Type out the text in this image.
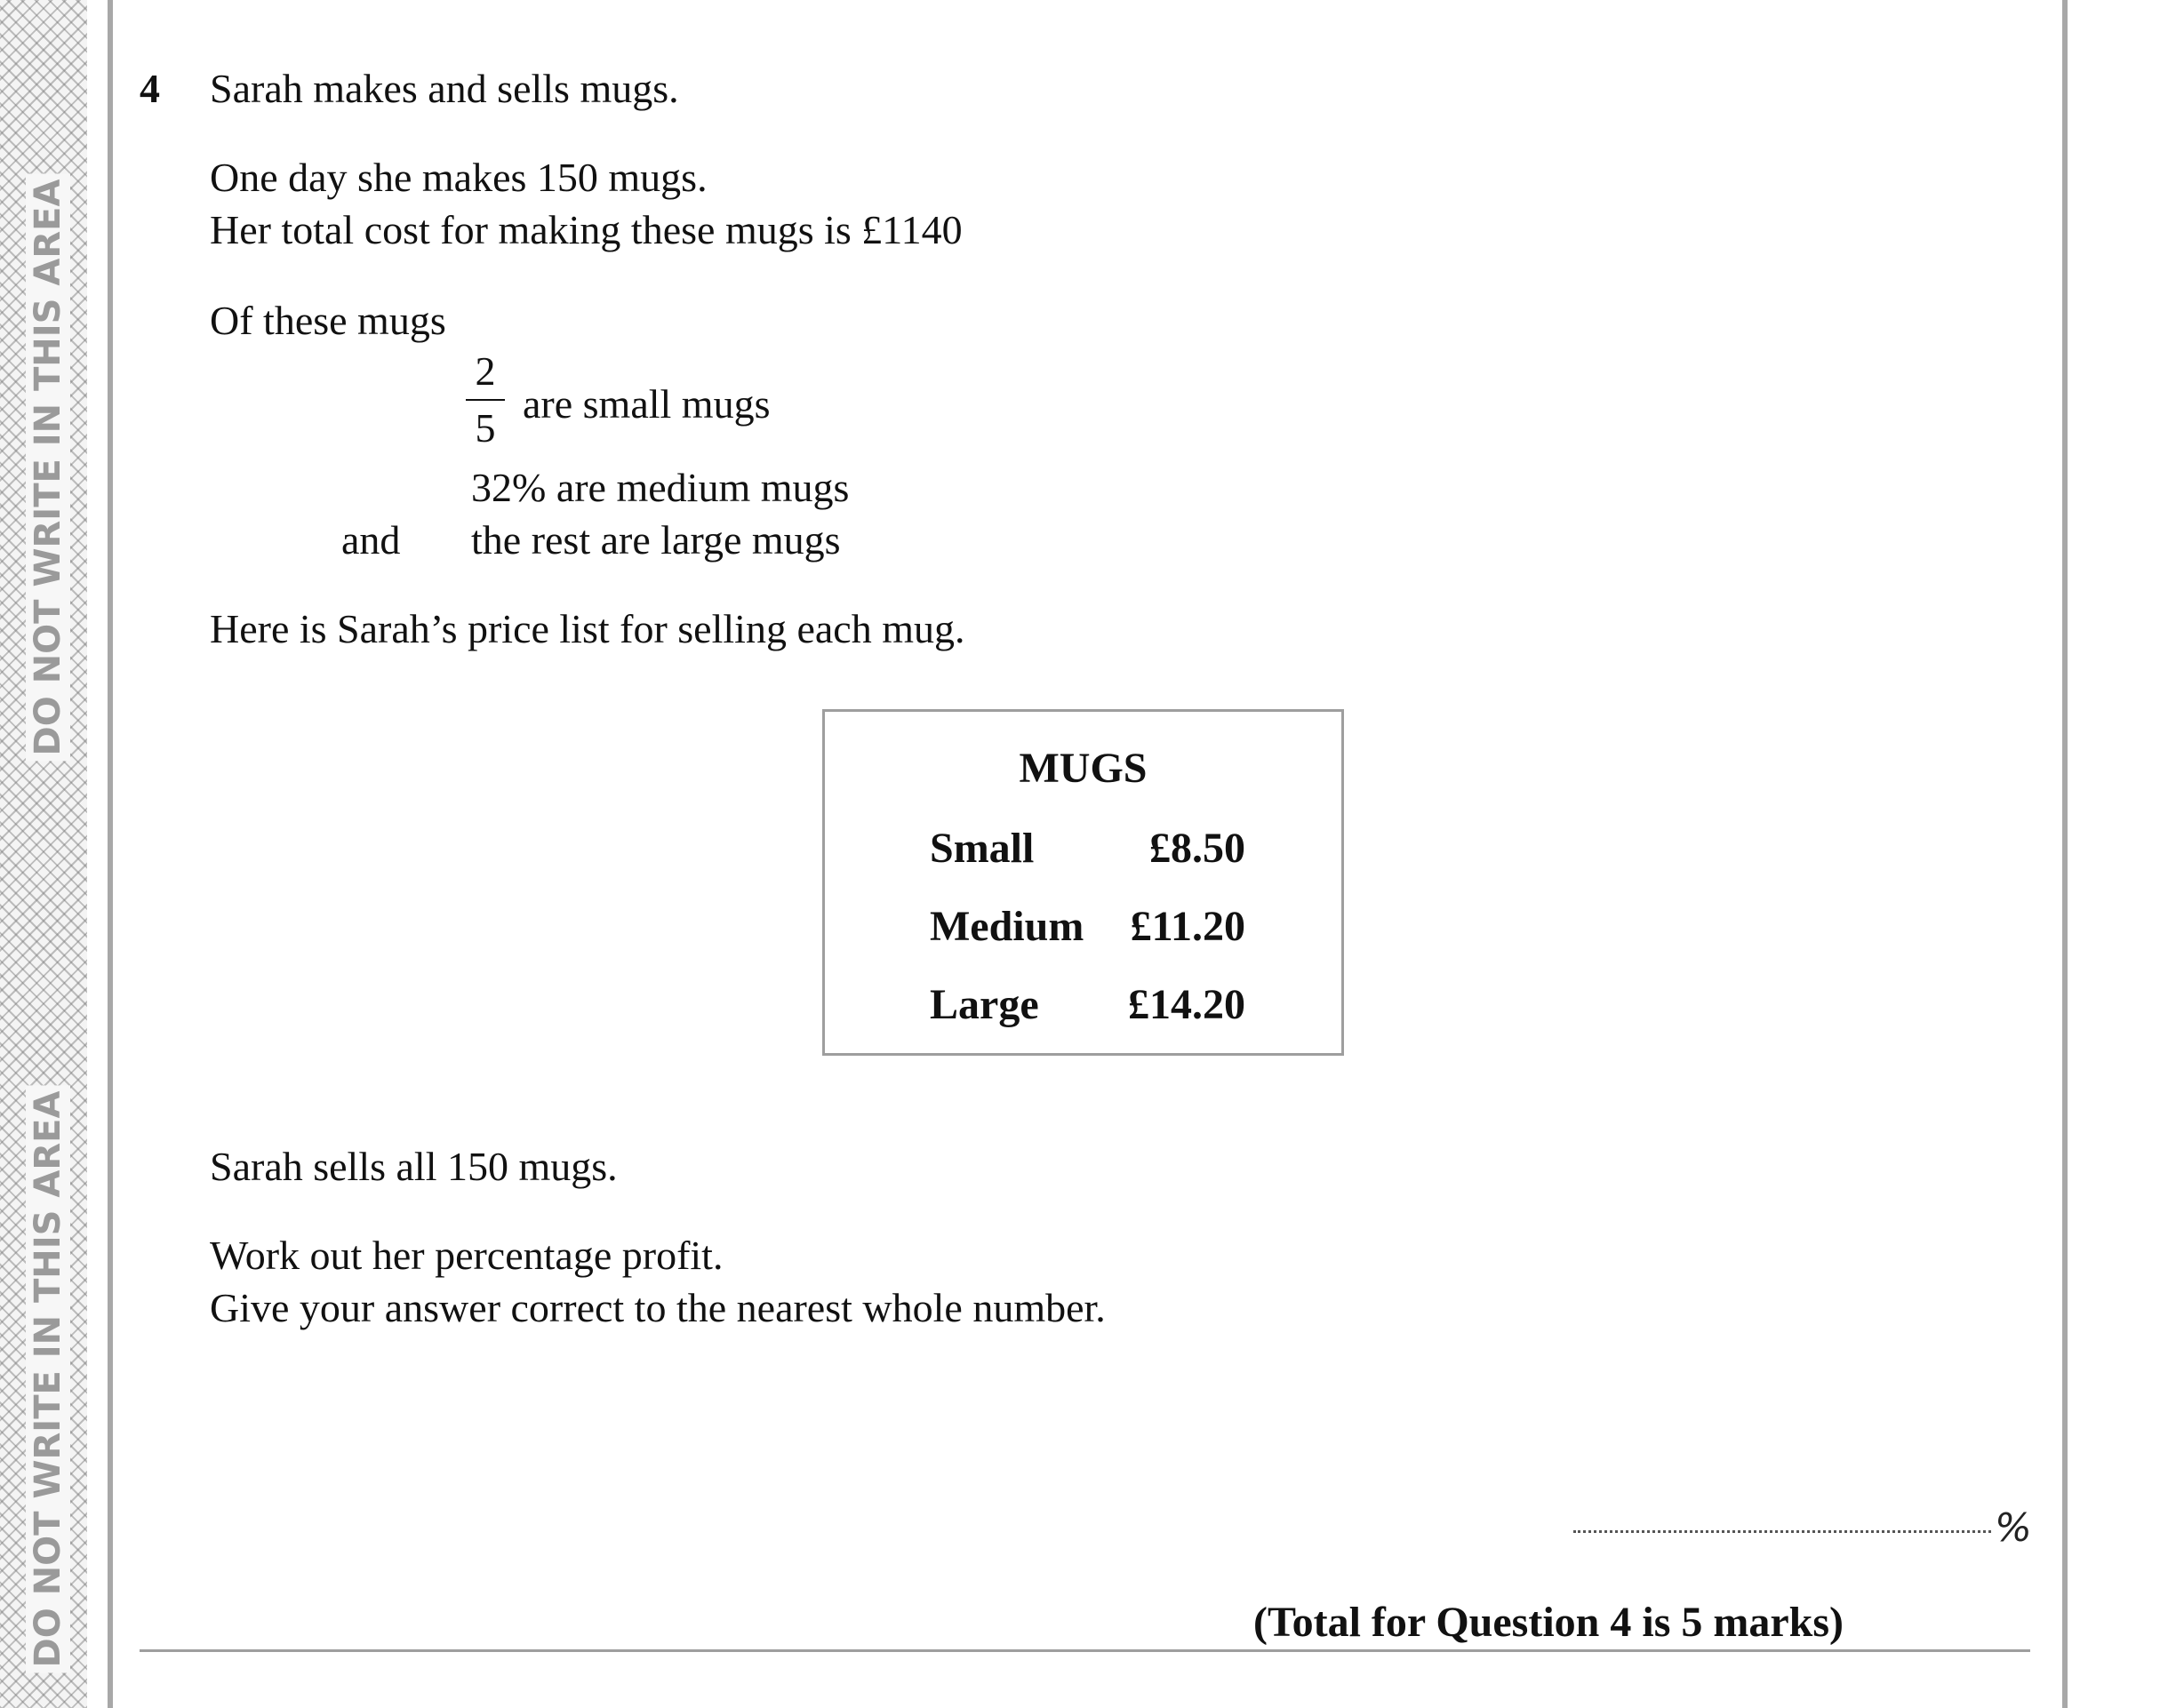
DO NOT WRITE IN THIS AREA
DO NOT WRITE IN THIS AREA
4 Sarah makes and sells mugs.
One day she makes 150 mugs.
Her total cost for making these mugs is £1140
Of these mugs
2
5
are small mugs
32% are medium mugs
and the rest are large mugs
Here is Sarah’s price list for selling each mug.
MUGS
Small	£8.50
Medium £11.20
Large £14.20
Sarah sells all 150 mugs.
Work out her percentage profit.
Give your answer correct to the nearest whole number.
%
(Total for Question 4 is 5 marks)
